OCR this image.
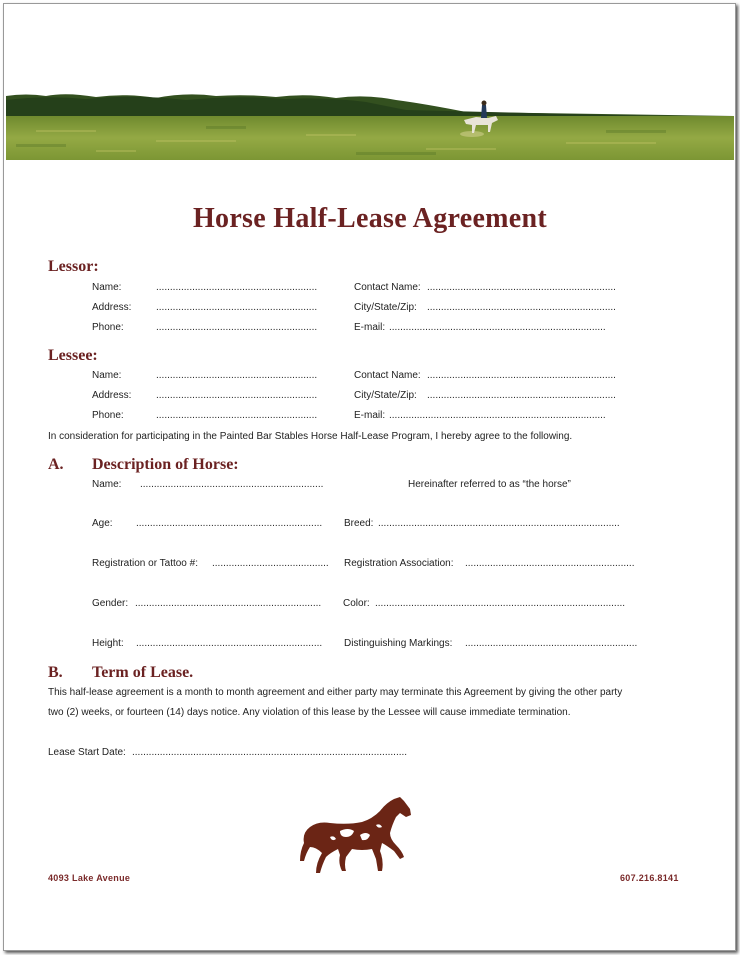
Horse Half-Lease Agreement
Lessor:
Name:	..........................................................	Contact Name: ....................................................................
Address: ..........................................................	City/State/Zip: ....................................................................
Phone:	..........................................................	E-mail: ..............................................................................
Lessee:
Name:	..........................................................	Contact Name: ....................................................................
Address: ..........................................................	City/State/Zip: ....................................................................
Phone:	..........................................................	E-mail: ..............................................................................
In consideration for participating in the Painted Bar Stables Horse Half-Lease Program, I hereby agree to the following.
A. Description of Horse:
Name: ..................................................................	Hereinafter referred to as “the horse”
Age: ................................................................... Breed: .......................................................................................
Registration or Tattoo #: .......................................... Registration Association: .............................................................
Gender: ................................................................... Color: ..........................................................................................
Height: ................................................................... Distinguishing Markings: ..............................................................
B. Term of Lease.
This half-lease agreement is a month to month agreement and either party may terminate this Agreement by giving the other party
two (2) weeks, or fourteen (14) days notice. Any violation of this lease by the Lessee will cause immediate termination.
Lease Start Date: ...................................................................................................
4093 Lake Avenue	607.216.8141
